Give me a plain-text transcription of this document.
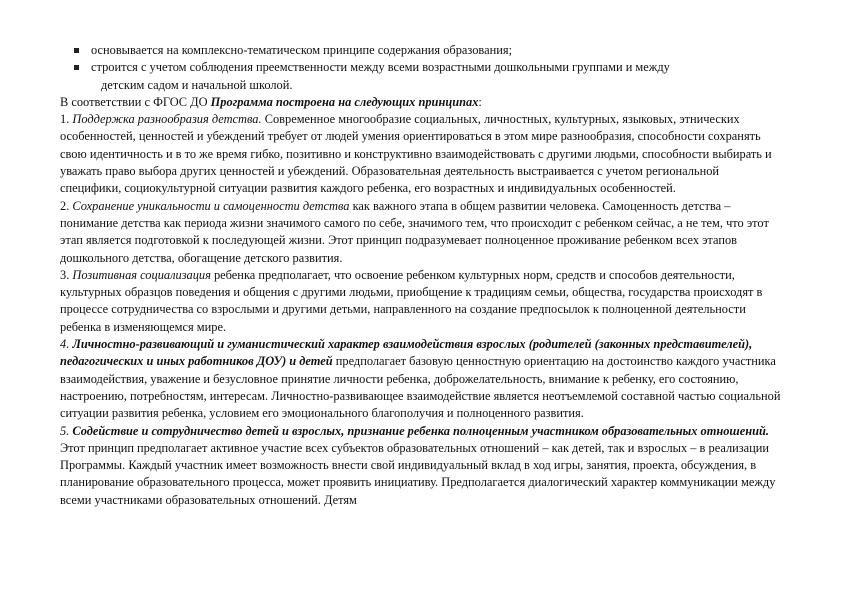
основывается на комплексно-тематическом принципе содержания образования;
строится с учетом соблюдения преемственности между всеми возрастными дошкольными группами и между
детским садом и начальной школой.

В соответствии с ФГОС ДО Программа построена на следующих принципах:

1. Поддержка разнообразия детства. Современное многообразие социальных, личностных, культурных, языковых, этнических особенностей, ценностей и убеждений требует от людей умения ориентироваться в этом мире разнообразия, способности сохранять свою идентичность и в то же время гибко, позитивно и конструктивно взаимодействовать с другими людьми, способности выбирать и уважать право выбора других ценностей и убеждений. Образовательная деятельность выстраивается с учетом региональной специфики, социокультурной ситуации развития каждого ребенка, его возрастных и индивидуальных особенностей.

2. Сохранение уникальности и самоценности детства как важного этапа в общем развитии человека. Самоценность детства – понимание детства как периода жизни значимого самого по себе, значимого тем, что происходит с ребенком сейчас, а не тем, что этот этап является подготовкой к последующей жизни. Этот принцип подразумевает полноценное проживание ребенком всех этапов дошкольного детства, обогащение детского развития.

3. Позитивная социализация ребенка предполагает, что освоение ребенком культурных норм, средств и способов деятельности, культурных образцов поведения и общения с другими людьми, приобщение к традициям семьи, общества, государства происходят в процессе сотрудничества со взрослыми и другими детьми, направленного на создание предпосылок к полноценной деятельности ребенка в изменяющемся мире.

4. Личностно-развивающий и гуманистический характер взаимодействия взрослых (родителей (законных представителей), педагогических и иных работников ДОУ) и детей предполагает базовую ценностную ориентацию на достоинство каждого участника взаимодействия, уважение и безусловное принятие личности ребенка, доброжелательность, внимание к ребенку, его состоянию, настроению, потребностям, интересам. Личностно-развивающее взаимодействие является неотъемлемой составной частью социальной ситуации развития ребенка, условием его эмоционального благополучия и полноценного развития.

5. Содействие и сотрудничество детей и взрослых, признание ребенка полноценным участником образовательных отношений. Этот принцип предполагает активное участие всех субъектов образовательных отношений – как детей, так и взрослых – в реализации Программы. Каждый участник имеет возможность внести свой индивидуальный вклад в ход игры, занятия, проекта, обсуждения, в планирование образовательного процесса, может проявить инициативу. Предполагается диалогический характер коммуникации между всеми участниками образовательных отношений. Детям
